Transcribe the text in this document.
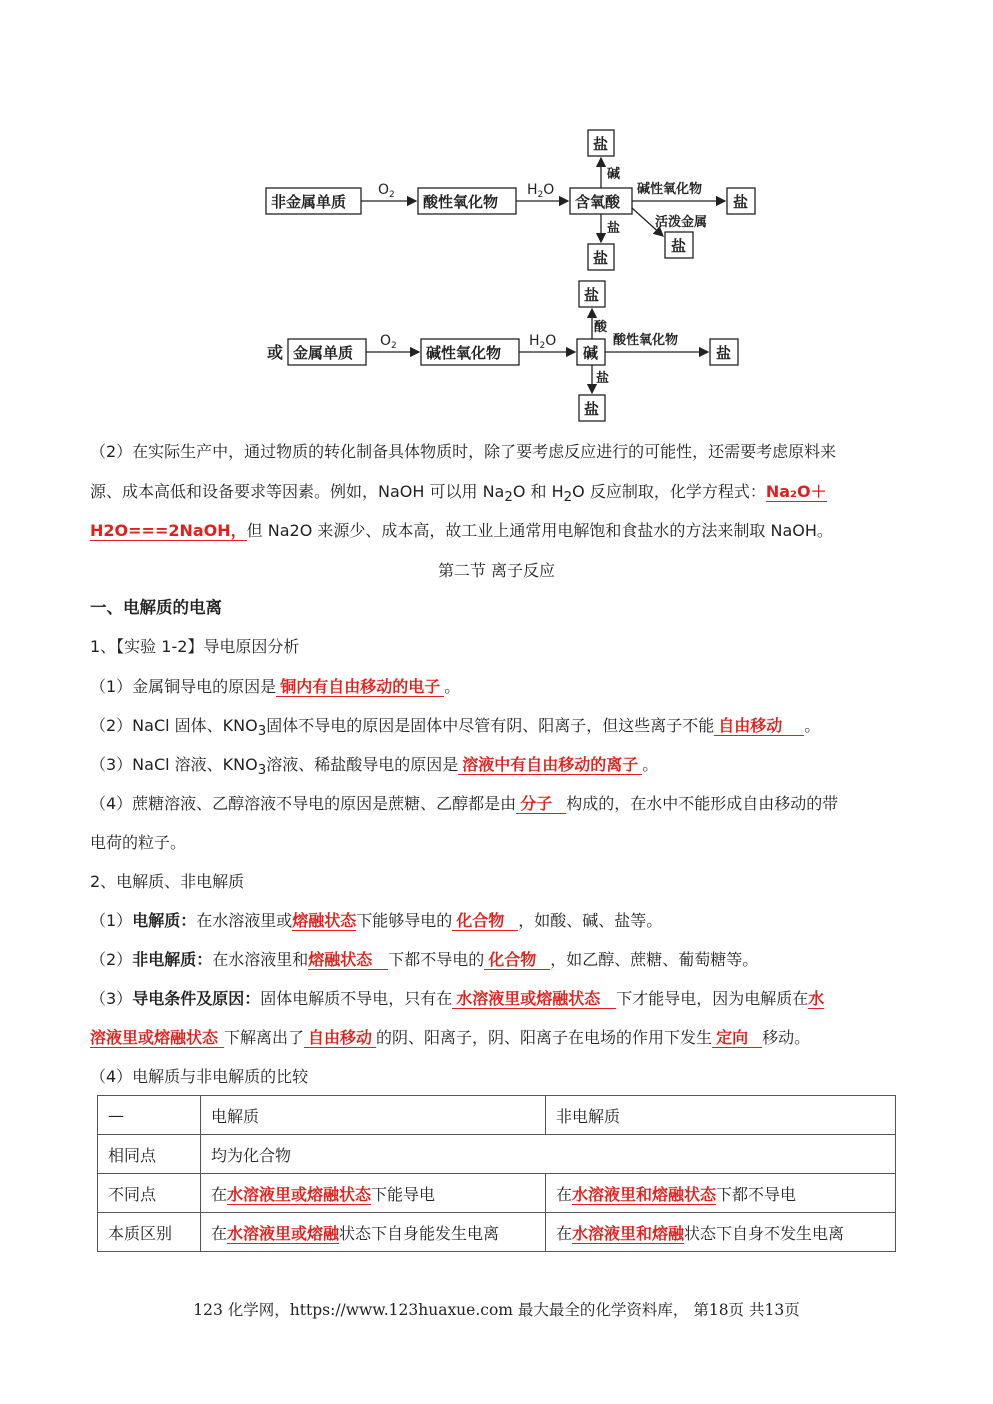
非金属单质	酸性氧化物	含氧酸
盐
盐
盐
盐
碱
盐
碱性氧化物
活泼金属
或 金属单质	碱性氧化物	碱
盐
盐
盐
酸
盐
酸性氧化物
$O_2$	$H_2O$
$O_2$	$H_2O$
（2）在实际生产中，通过物质的转化制备具体物质时，除了要考虑反应进行的可能性，还需要考虑原料来
源、成本高低和设备要求等因素。例如，NaOH 可以用 $Na_2O$ 和 $H_2O$ 反应制取，化学方程式：Na₂O＋
H2O===2NaOH，但 Na2O 来源少、成本高，故工业上通常用电解饱和食盐水的方法来制取 NaOH。
第二节 离子反应
一、电解质的电离
1、【实验 1-2】导电原因分析
（1）金属铜导电的原因是 铜内有自由移动的电子 。
（2）NaCl 固体、$KNO_3$固体不导电的原因是固体中尽管有阴、阳离子，但这些离子不能 自由移动 。
（3）NaCl 溶液、$KNO_3$溶液、稀盐酸导电的原因是 溶液中有自由移动的离子 。
（4）蔗糖溶液、乙醇溶液不导电的原因是蔗糖、乙醇都是由 分子 构成的，在水中不能形成自由移动的带
电荷的粒子。
2、电解质、非电解质
（1）电解质：在水溶液里或熔融状态下能够导电的 化合物 ，如酸、碱、盐等。
（2）非电解质：在水溶液里和熔融状态 下都不导电的 化合物 ，如乙醇、蔗糖、葡萄糖等。
（3）导电条件及原因：固体电解质不导电，只有在 水溶液里或熔融状态 下才能导电，因为电解质在水
溶液里或熔融状态 下解离出了 自由移动 的阴、阳离子，阴、阳离子在电场的作用下发生 定向 移动。
（4）电解质与非电解质的比较
—	电解质	非电解质
相同点	均为化合物	
不同点	在水溶液里或熔融状态下能导电	在水溶液里和熔融状态下都不导电
本质区别	在水溶液里或熔融状态下自身能发生电离	在水溶液里和熔融状态下自身不发生电离
123 化学网，https://www.123huaxue.com 最大最全的化学资料库， 第18页 共13页
